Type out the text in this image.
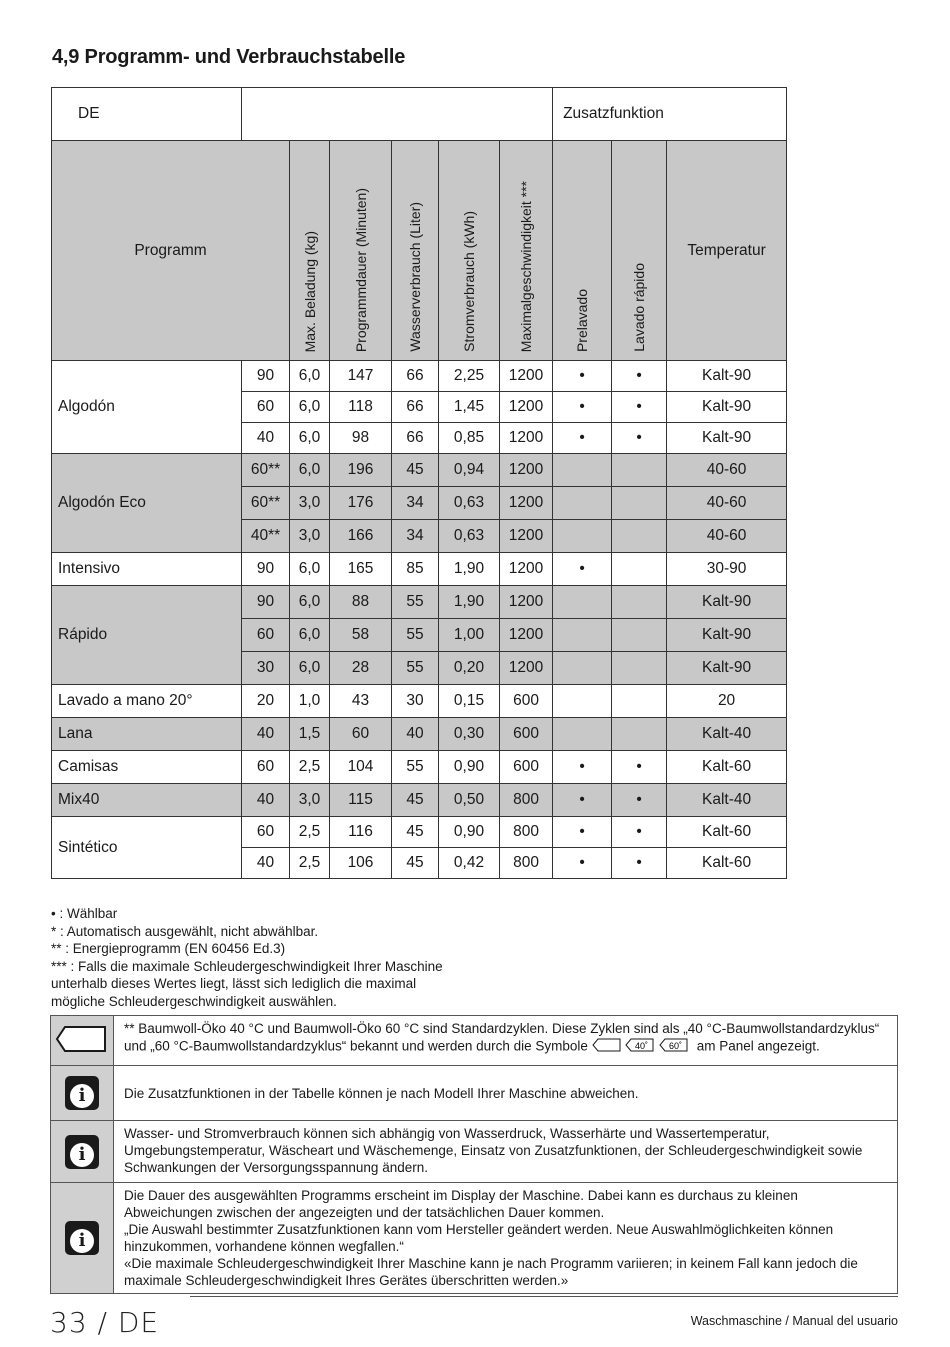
4,9 Programm- und Verbrauchstabelle
DE							Zusatzfunktion		
Programm		Max. Beladung (kg)	Programmdauer (Minuten)	Wasserverbrauch (Liter)	Stromverbrauch (kWh)	Maximalgeschwindigkeit ***	Prelavado	Lavado rápido	Temperatur
Algodón	90	6,0	147	66	2,25	1200	•	•	Kalt-90
	60	6,0	118	66	1,45	1200	•	•	Kalt-90
	40	6,0	98	66	0,85	1200	•	•	Kalt-90
Algodón Eco	60**	6,0	196	45	0,94	1200			40-60
	60**	3,0	176	34	0,63	1200			40-60
	40**	3,0	166	34	0,63	1200			40-60
Intensivo	90	6,0	165	85	1,90	1200	•		30-90
Rápido	90	6,0	88	55	1,90	1200			Kalt-90
	60	6,0	58	55	1,00	1200			Kalt-90
	30	6,0	28	55	0,20	1200			Kalt-90
Lavado a mano 20°	20	1,0	43	30	0,15	600			20
Lana	40	1,5	60	40	0,30	600			Kalt-40
Camisas	60	2,5	104	55	0,90	600	•	•	Kalt-60
Mix40	40	3,0	115	45	0,50	800	•	•	Kalt-40
Sintético	60	2,5	116	45	0,90	800	•	•	Kalt-60
	40	2,5	106	45	0,42	800	•	•	Kalt-60
• : Wählbar
* : Automatisch ausgewählt, nicht abwählbar.
** : Energieprogramm (EN 60456 Ed.3)
*** : Falls die maximale Schleudergeschwindigkeit Ihrer Maschine
unterhalb dieses Wertes liegt, lässt sich lediglich die maximal
mögliche Schleudergeschwindigkeit auswählen.

** Baumwoll-Öko 40 °C und Baumwoll-Öko 60 °C sind Standardzyklen. Diese Zyklen sind als „40 °C-Baumwollstandardzyklus“
und „60 °C-Baumwollstandardzyklus“ bekannt und werden durch die Symbole 40˚
60˚ am Panel angezeigt.

i	Die Zusatzfunktionen in der Tabelle können je nach Modell Ihrer Maschine abweichen.
i	Wasser- und Stromverbrauch können sich abhängig von Wasserdruck, Wasserhärte und Wassertemperatur, Umgebungstemperatur, Wäscheart und Wäschemenge, Einsatz von Zusatzfunktionen, der Schleudergeschwindigkeit sowie Schwankungen der Versorgungsspannung ändern.
i	Die Dauer des ausgewählten Programms erscheint im Display der Maschine. Dabei kann es durchaus zu kleinen Abweichungen zwischen der angezeigten und der tatsächlichen Dauer kommen.
„Die Auswahl bestimmter Zusatzfunktionen kann vom Hersteller geändert werden. Neue Auswahlmöglichkeiten können hinzukommen, vorhandene können wegfallen.“
«Die maximale Schleudergeschwindigkeit Ihrer Maschine kann je nach Programm variieren; in keinem Fall kann jedoch die maximale Schleudergeschwindigkeit Ihres Gerätes überschritten werden.»
33 / DE	Waschmaschine / Manual del usuario
